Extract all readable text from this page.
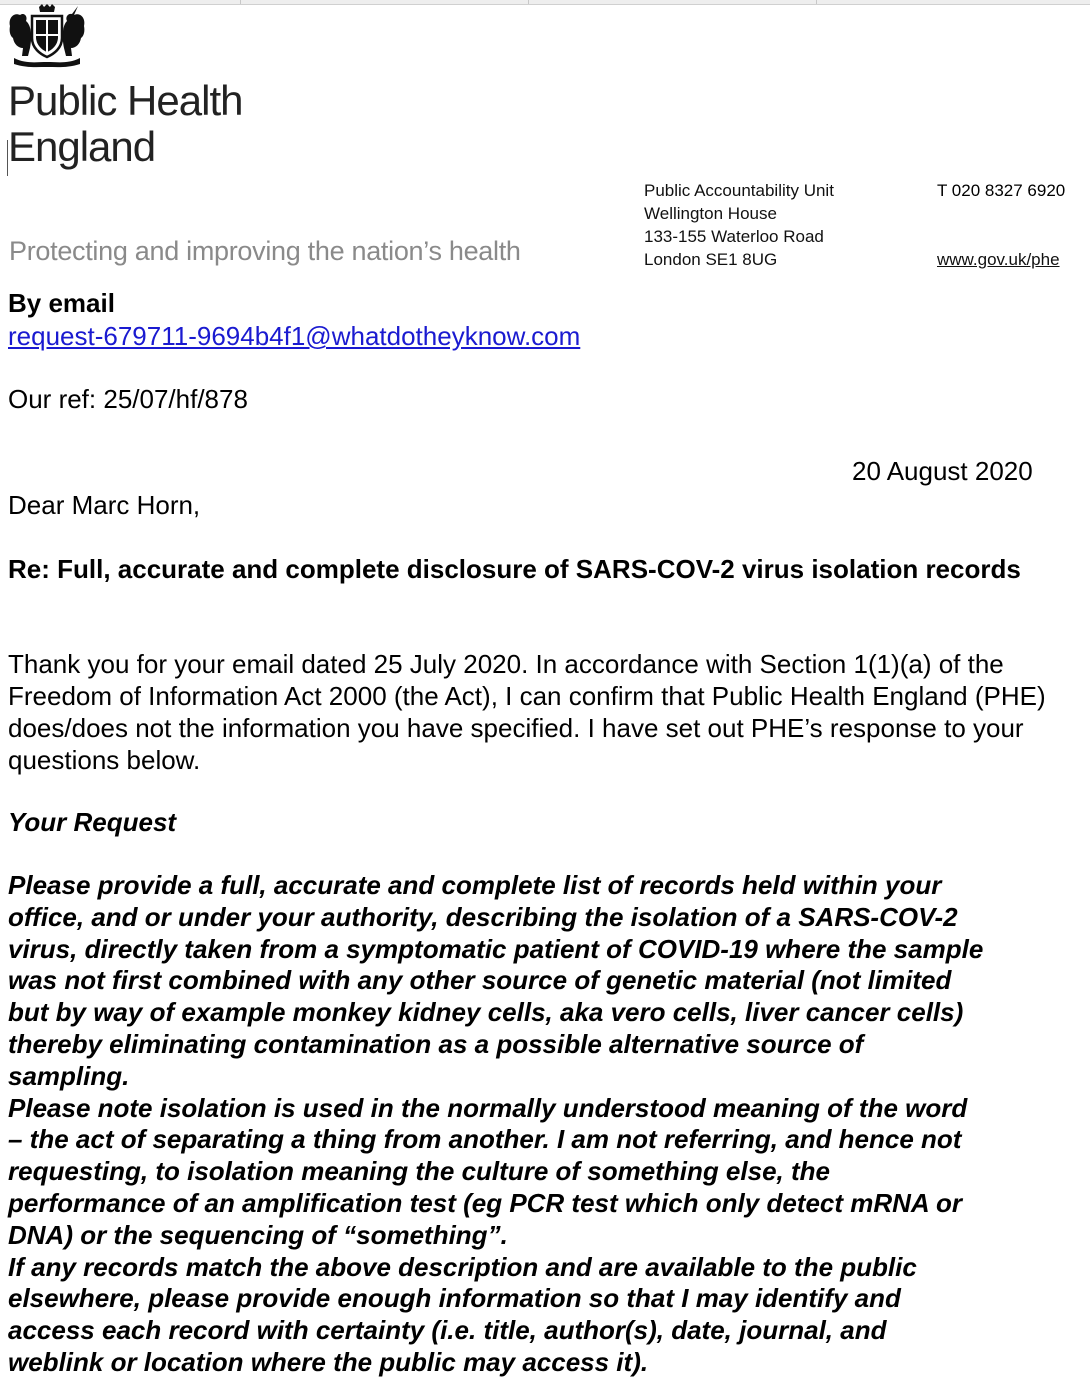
Public Health
England
Protecting and improving the nation’s health
Public Accountability Unit
Wellington House
133-155 Waterloo Road
London SE1 8UG
T 020 8327 6920
www.gov.uk/phe
By email
request-679711-9694b4f1@whatdotheyknow.com
Our ref: 25/07/hf/878
20 August 2020
Dear Marc Horn,

Re: Full, accurate and complete disclosure of SARS-COV-2 virus isolation records

Thank you for your email dated 25 July 2020. In accordance with Section 1(1)(a) of the Freedom of Information Act 2000 (the Act), I can confirm that Public Health England (PHE) does/does not the information you have specified. I have set out PHE’s response to your questions below.

Your Request
Please provide a full, accurate and complete list of records held within your
office, and or under your authority, describing the isolation of a SARS-COV-2
virus, directly taken from a symptomatic patient of COVID-19 where the sample
was not first combined with any other source of genetic material (not limited
but by way of example monkey kidney cells, aka vero cells, liver cancer cells)
thereby eliminating contamination as a possible alternative source of
sampling.
Please note isolation is used in the normally understood meaning of the word
– the act of separating a thing from another. I am not referring, and hence not
requesting, to isolation meaning the culture of something else, the
performance of an amplification test (eg PCR test which only detect mRNA or
DNA) or the sequencing of “something”.
If any records match the above description and are available to the public
elsewhere, please provide enough information so that I may identify and
access each record with certainty (i.e. title, author(s), date, journal, and
weblink or location where the public may access it).
